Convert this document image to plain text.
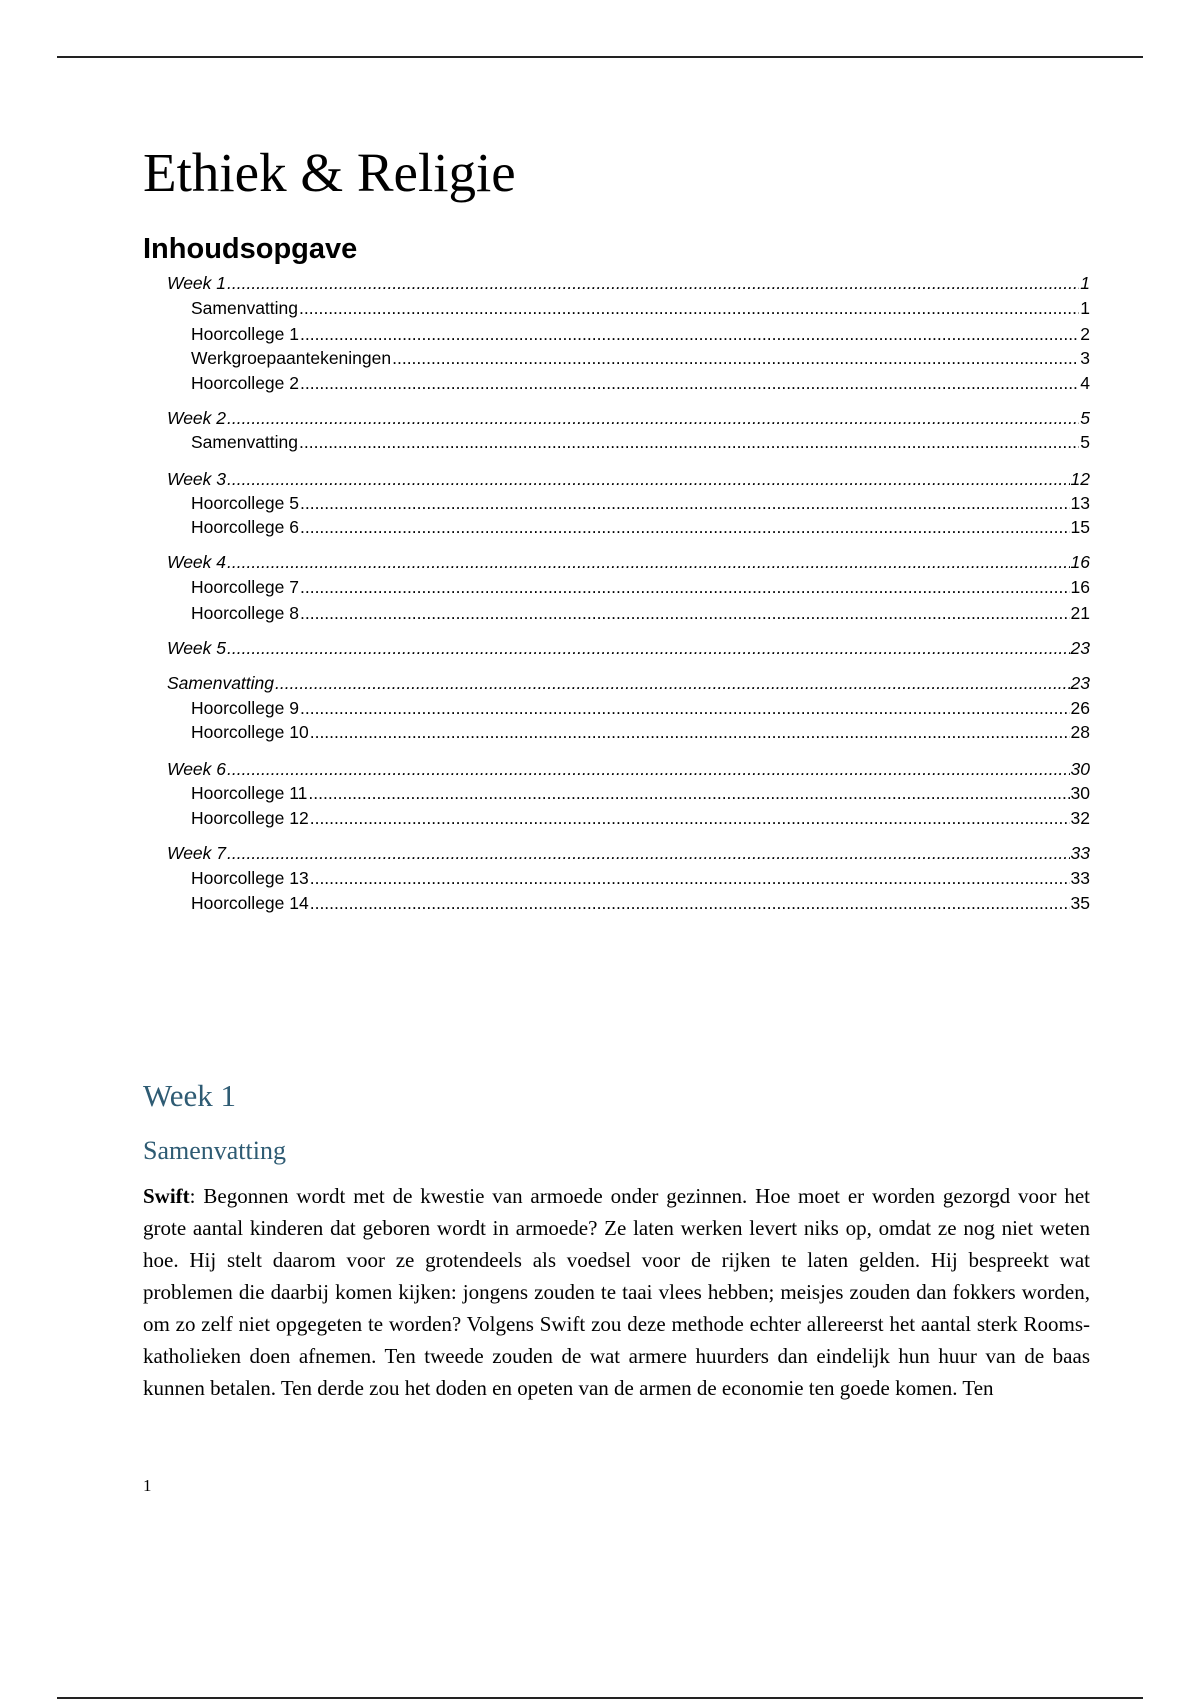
Ethiek & Religie
Inhoudsopgave
Week 1 .....	1
Samenvatting .....	1
Hoorcollege 1 .....	2
Werkgroepaantekeningen .....	3
Hoorcollege 2 .....	4
Week 2 .....	5
Samenvatting .....	5
Week 3 .....	12
Hoorcollege 5 .....	13
Hoorcollege 6 .....	15
Week 4 .....	16
Hoorcollege 7 .....	16
Hoorcollege 8 .....	21
Week 5 .....	23
Samenvatting .....	23
Hoorcollege 9 .....	26
Hoorcollege 10 .....	28
Week 6 .....	30
Hoorcollege 11 .....	30
Hoorcollege 12 .....	32
Week 7 .....	33
Hoorcollege 13 .....	33
Hoorcollege 14 .....	35
Week 1
Samenvatting

Swift: Begonnen wordt met de kwestie van armoede onder gezinnen. Hoe moet er worden gezorgd voor het grote aantal kinderen dat geboren wordt in armoede? Ze laten werken levert niks op, omdat ze nog niet weten hoe. Hij stelt daarom voor ze grotendeels als voedsel voor de rijken te laten gelden. Hij bespreekt wat problemen die daarbij komen kijken: jongens zouden te taai vlees hebben; meisjes zouden dan fokkers worden, om zo zelf niet opgegeten te worden? Volgens Swift zou deze methode echter allereerst het aantal sterk Rooms-katholieken doen afnemen. Ten tweede zouden de wat armere huurders dan eindelijk hun huur van de baas kunnen betalen. Ten derde zou het doden en opeten van de armen de economie ten goede komen. Ten

1
